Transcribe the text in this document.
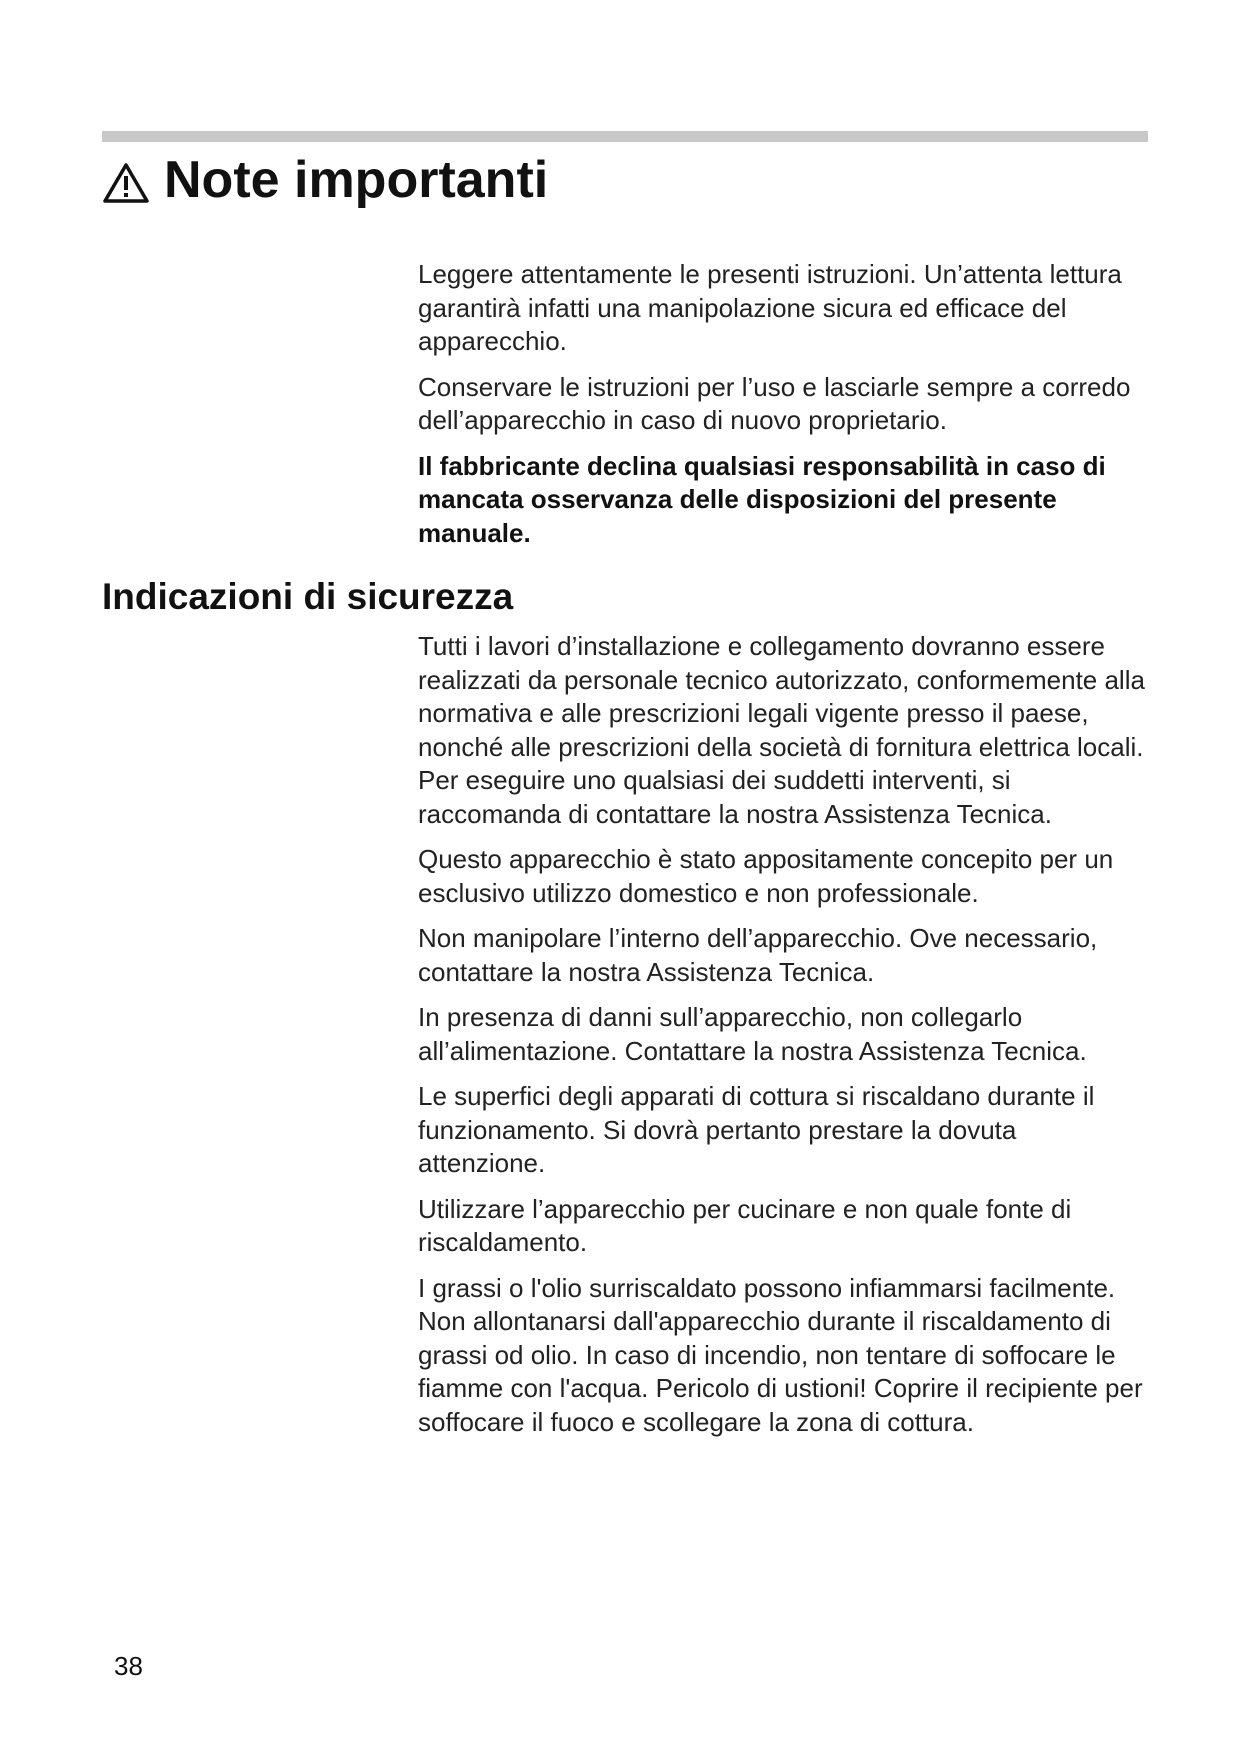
Note importanti

Leggere attentamente le presenti istruzioni. Un’attenta lettura garantirà infatti una manipolazione sicura ed efficace del apparecchio.

Conservare le istruzioni per l’uso e lasciarle sempre a corredo dell’apparecchio in caso di nuovo proprietario.

Il fabbricante declina qualsiasi responsabilità in caso di mancata osservanza delle disposizioni del presente manuale.

Indicazioni di sicurezza

Tutti i lavori d’installazione e collegamento dovranno essere realizzati da personale tecnico autorizzato, conformemente alla normativa e alle prescrizioni legali vigente presso il paese, nonché alle prescrizioni della società di fornitura elettrica locali. Per eseguire uno qualsiasi dei suddetti interventi, si raccomanda di contattare la nostra Assistenza Tecnica.

Questo apparecchio è stato appositamente concepito per un esclusivo utilizzo domestico e non professionale.

Non manipolare l’interno dell’apparecchio. Ove necessario, contattare la nostra Assistenza Tecnica.

In presenza di danni sull’apparecchio, non collegarlo all’alimentazione. Contattare la nostra Assistenza Tecnica.

Le superfici degli apparati di cottura si riscaldano durante il funzionamento. Si dovrà pertanto prestare la dovuta attenzione.

Utilizzare l’apparecchio per cucinare e non quale fonte di riscaldamento.

I grassi o l'olio surriscaldato possono infiammarsi facilmente. Non allontanarsi dall'apparecchio durante il riscaldamento di grassi od olio. In caso di incendio, non tentare di soffocare le fiamme con l'acqua. Pericolo di ustioni! Coprire il recipiente per soffocare il fuoco e scollegare la zona di cottura.

38
